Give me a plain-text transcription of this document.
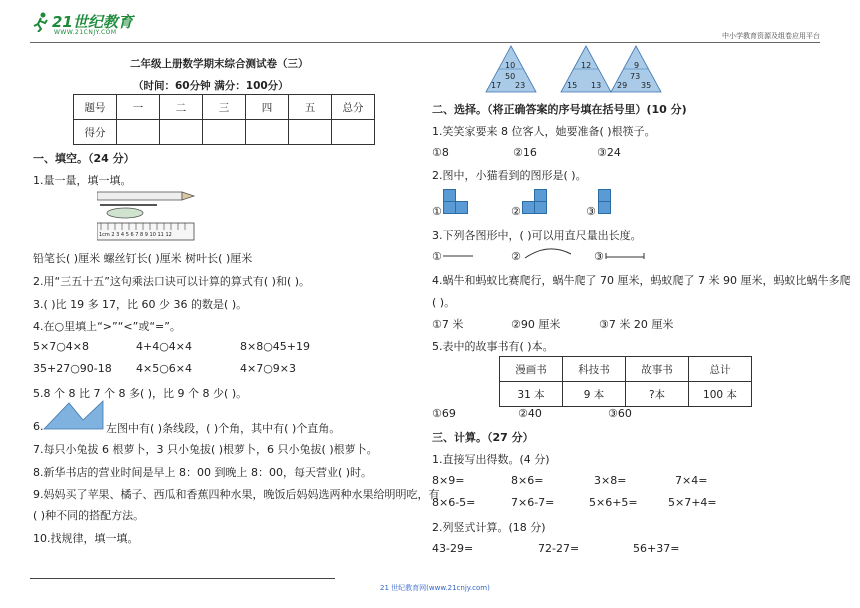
21世纪教育
WWW.21CNJY.COM	中小学教育资源及组卷应用平台
二年级上册数学期末综合测试卷（三）
（时间：60分钟 满分：100分）
题号	一	二	三	四	五	总分
得分						
一、填空。（24 分）
1.量一量，填一填。
1cm 2 3 4 5 6 7 8 9 10 11 12
铅笔长( )厘米 螺丝钉长( )厘米 树叶长( )厘米
2.用“三五十五”这句乘法口诀可以计算的算式有( )和( )。
3.( )比 19 多 17，比 60 少 36 的数是( )。
4.在○里填上“>”“<”或“=”。
5×7○4×8	4+4○4×4	8×8○45+19
35+27○90-18 4×5○6×4	4×7○9×3
5.8 个 8 比 7 个 8 多( )，比 9 个 8 少( )。
6.	左图中有( )条线段，( )个角，其中有( )个直角。
7.每只小兔拔 6 根萝卜，3 只小兔拔( )根萝卜，6 只小兔拔( )根萝卜。
8.新华书店的营业时间是早上 8：00 到晚上 8：00，每天营业( )时。
9.妈妈买了苹果、橘子、西瓜和香蕉四种水果，晚饭后妈妈选两种水果给明明吃，有
( )种不同的搭配方法。
10.找规律，填一填。
10
50
17 23
12
15 13
9
73
29 35
二、选择。（将正确答案的序号填在括号里）(10 分)
1.笑笑家要来 8 位客人，她要准备( )根筷子。
①8	②16	③24
2.图中，小猫看到的图形是( )。
①	②	③
3.下列各图形中，( )可以用直尺量出长度。
①	②	③
4.蜗牛和蚂蚁比赛爬行，蜗牛爬了 70 厘米，蚂蚁爬了 7 米 90 厘米，蚂蚁比蜗牛多爬
( )。
①7 米	②90 厘米	③7 米 20 厘米
5.表中的故事书有( )本。
漫画书	科技书	故事书	总计
31 本	9 本	?本	100 本
①69	②40	③60
三、计算。（27 分）
1.直接写出得数。(4 分)
8×9=	8×6=	3×8=	7×4=
8×6-5=	7×6-7=	5×6+5=	5×7+4=
2.列竖式计算。(18 分)
43-29=	72-27=	56+37=
21 世纪教育网(www.21cnjy.com)
